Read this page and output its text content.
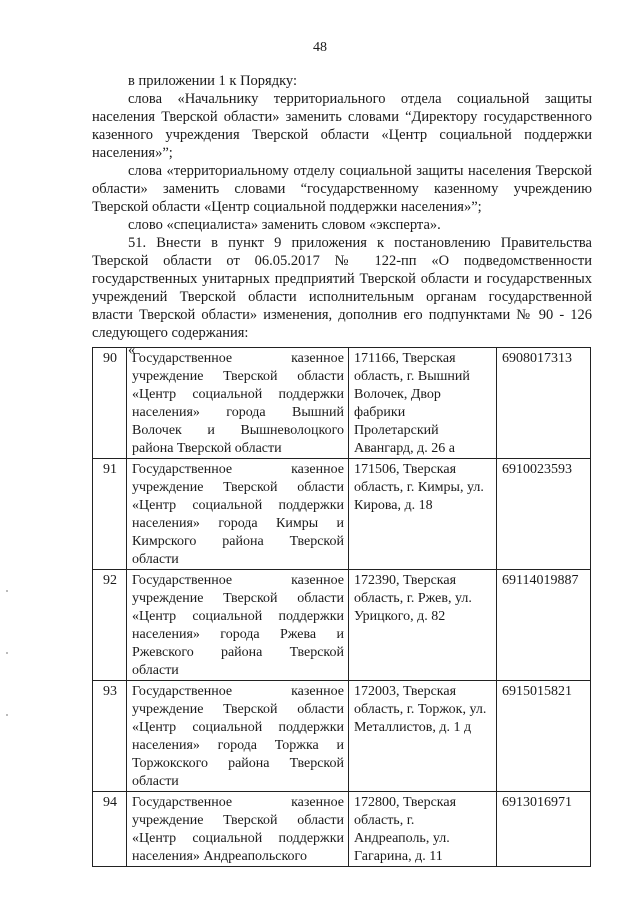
48

в приложении 1 к Порядку:

слова «Начальнику территориального отдела социальной защиты населения Тверской области» заменить словами “Директору государственного казенного учреждения Тверской области «Центр социальной поддержки населения»”;

слова «территориальному отделу социальной защиты населения Тверской области» заменить словами “государственному казенному учреждению Тверской области «Центр социальной поддержки населения»”;

слово «специалиста» заменить словом «эксперта».

51. Внести в пункт 9 приложения к постановлению Правительства Тверской области от 06.05.2017 № 122-пп «О подведомственности государственных унитарных предприятий Тверской области и государственных учреждений Тверской области исполнительным органам государственной власти Тверской области» изменения, дополнив его подпунктами № 90 - 126 следующего содержания:

«

90	Государственное казенное учреждение Тверской области «Центр социальной поддержки населения» города Вышний Волочек и Вышневолоцкого района Тверской области	171166, Тверская область, г. Вышний Волочек, Двор фабрики Пролетарский Авангард, д. 26 а	6908017313
91	Государственное казенное учреждение Тверской области «Центр социальной поддержки населения» города Кимры и Кимрского района Тверской области	171506, Тверская область, г. Кимры, ул. Кирова, д. 18	6910023593
92	Государственное казенное учреждение Тверской области «Центр социальной поддержки населения» города Ржева и Ржевского района Тверской области	172390, Тверская область, г. Ржев, ул. Урицкого, д. 82	69114019887
93	Государственное казенное учреждение Тверской области «Центр социальной поддержки населения» города Торжка и Торжокского района Тверской области	172003, Тверская область, г. Торжок, ул. Металлистов, д. 1 д	6915015821
94	Государственное казенное учреждение Тверской области «Центр социальной поддержки населения» Андреапольского	172800, Тверская область, г. Андреаполь, ул. Гагарина, д. 11	6913016971
